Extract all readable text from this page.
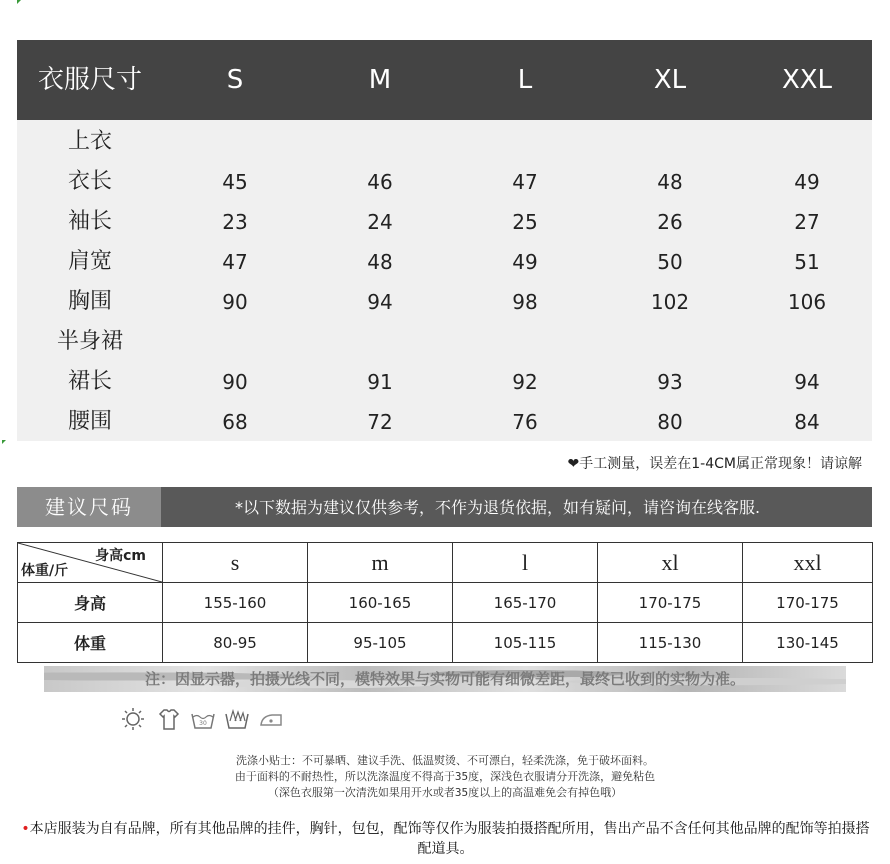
衣服尺寸	S	M	L	XL	XXL
上衣
衣长	45	46	47	48	49
袖长	23	24	25	26	27
肩宽	47	48	49	50	51
胸围	90	94	98	102	106
半身裙
裙长	90	91	92	93	94
腰围	68	72	76	80	84
❤手工测量，误差在1-4CM属正常现象！请谅解
建议尺码	*以下数据为建议仅供参考，不作为退货依据，如有疑问，请咨询在线客服.
身高cm
体重/斤	s	m	l	xl	xxl
身高	155-160	160-165	165-170	170-175	170-175
体重	80-95	95-105	105-115	115-130	130-145
注：因显示器，拍摄光线不同，模特效果与实物可能有细微差距，最终已收到的实物为准。
30
洗涤小贴士：不可暴晒、建议手洗、低温熨烫、不可漂白，轻柔洗涤，免于破坏面料。
由于面料的不耐热性，所以洗涤温度不得高于35度，深浅色衣服请分开洗涤，避免粘色
（深色衣服第一次清洗如果用开水或者35度以上的高温难免会有掉色哦）
•本店服装为自有品牌，所有其他品牌的挂件，胸针，包包，配饰等仅作为服装拍摄搭配所用，售出产品不含任何其他品牌的配饰等拍摄搭配道具。
